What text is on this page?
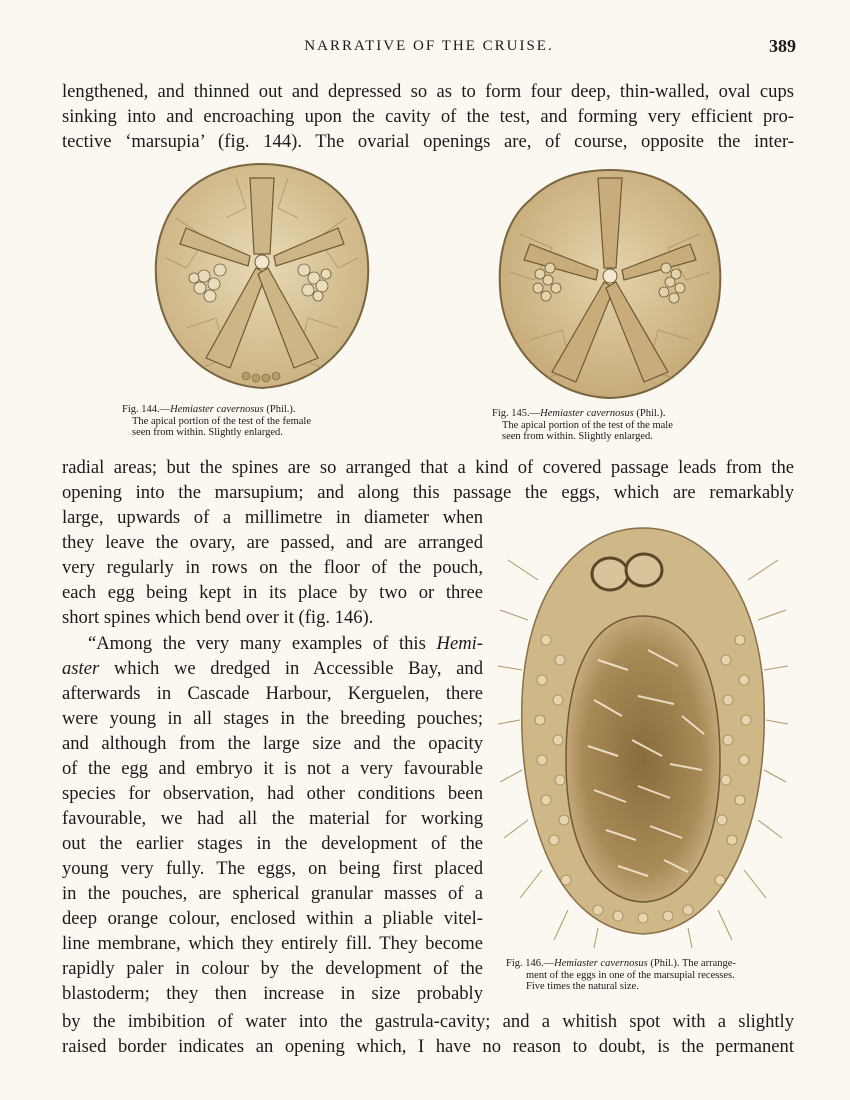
NARRATIVE OF THE CRUISE.	389
lengthened, and thinned out and depressed so as to form four deep, thin-walled, oval cups
sinking into and encroaching upon the cavity of the test, and forming very efficient pro-
tective ‘marsupia’ (fig. 144). The ovarial openings are, of course, opposite the inter-
Fig. 144.—Hemiaster cavernosus (Phil.).
The apical portion of the test of the female
seen from within. Slightly enlarged.
Fig. 145.—Hemiaster cavernosus (Phil.).
The apical portion of the test of the male
seen from within. Slightly enlarged.
radial areas; but the spines are so arranged that a kind of covered passage leads from the
opening into the marsupium; and along this passage the eggs, which are remarkably
large, upwards of a millimetre in diameter when
they leave the ovary, are passed, and are arranged
very regularly in rows on the floor of the pouch,
each egg being kept in its place by two or three
short spines which bend over it (fig. 146).
“Among the very many examples of this Hemi-
aster which we dredged in Accessible Bay, and
afterwards in Cascade Harbour, Kerguelen, there
were young in all stages in the breeding pouches;
and although from the large size and the opacity
of the egg and embryo it is not a very favourable
species for observation, had other conditions been
favourable, we had all the material for working
out the earlier stages in the development of the
young very fully. The eggs, on being first placed
in the pouches, are spherical granular masses of a
deep orange colour, enclosed within a pliable vitel-
line membrane, which they entirely fill. They become
rapidly paler in colour by the development of the
blastoderm; they then increase in size probably
by the imbibition of water into the gastrula-cavity; and a whitish spot with a slightly
raised border indicates an opening which, I have no reason to doubt, is the permanent
Fig. 146.—Hemiaster cavernosus (Phil.). The arrange-
ment of the eggs in one of the marsupial recesses.
Five times the natural size.
